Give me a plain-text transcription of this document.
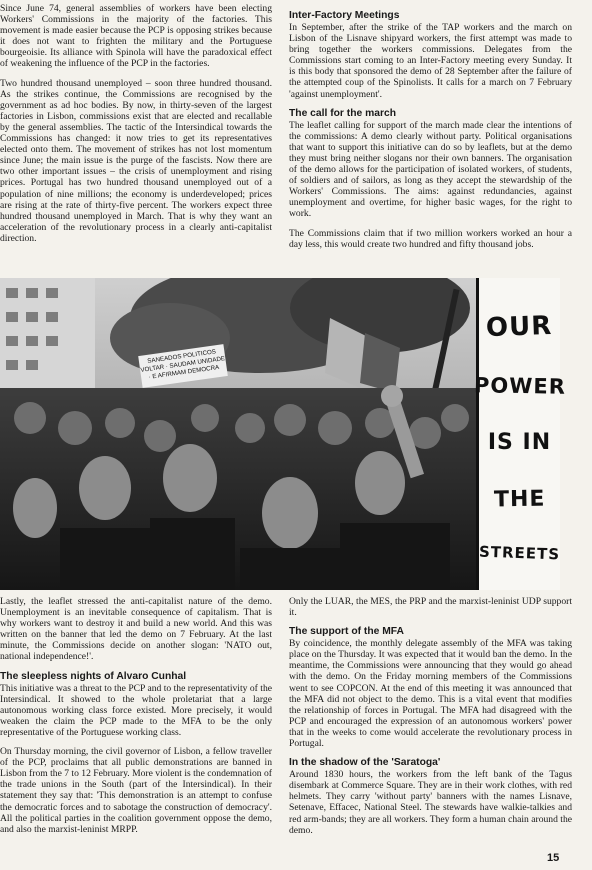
Since June 74, general assemblies of workers have been electing Workers' Commissions in the majority of the factories. This movement is made easier because the PCP is opposing strikes because it does not want to frighten the military and the Portuguese bourgeoisie. Its alliance with Spinola will have the paradoxical effect of weakening the influence of the PCP in the factories.

Two hundred thousand unemployed – soon three hundred thousand. As the strikes continue, the Commissions are recognised by the government as ad hoc bodies. By now, in thirty-seven of the largest factories in Lisbon, commissions exist that are elected and recallable by the general assemblies. The tactic of the Intersindical towards the Commissions has changed: it now tries to get its representatives elected onto them. The movement of strikes has not lost momentum since June; the main issue is the purge of the fascists. Now there are two other important issues – the crisis of unemployment and rising prices. Portugal has two hundred thousand unemployed out of a population of nine millions; the economy is underdeveloped; prices are rising at the rate of thirty-five percent. The workers expect three hundred thousand unemployed in March. That is why they want an acceleration of the revolutionary process in a clearly anti-capitalist direction.

Inter-Factory Meetings

In September, after the strike of the TAP workers and the march on Lisbon of the Lisnave shipyard workers, the first attempt was made to bring together the workers commissions. Delegates from the Commissions start coming to an Inter-Factory meeting every Sunday. It is this body that sponsored the demo of 28 September after the failure of the attempted coup of the Spinolists. It calls for a march on 7 February 'against unemployment'.

The call for the march

The leaflet calling for support of the march made clear the intentions of the commissions: A demo clearly without party. Political organisations that want to support this initiative can do so by leaflets, but at the demo they must bring neither slogans nor their own banners. The organisation of the demo allows for the participation of isolated workers, of students, of soldiers and of sailors, as long as they accept the stewardship of the Workers' Commissions. The aims: against redundancies, against unemployment and overtime, for higher basic wages, for the right to work.

The Commissions claim that if two million workers worked an hour a day less, this would create two hundred and fifty thousand jobs.

SANEADOS POLITICOS VOLTAR · SAUDAM UNIDADE · E AFIRMAM DEMOCRA
OUR
POWER
IS IN
THE
STREETS

Lastly, the leaflet stressed the anti-capitalist nature of the demo. Unemployment is an inevitable consequence of capitalism. That is why workers want to destroy it and build a new world. And this was written on the banner that led the demo on 7 February. At the last minute, the Commissions decide on another slogan: 'NATO out, national independence!'.

The sleepless nights of Alvaro Cunhal

This initiative was a threat to the PCP and to the representativity of the Intersindical. It showed to the whole proletariat that a large autonomous working class force existed. More precisely, it would weaken the claim the PCP made to the MFA to be the only representative of the Portuguese working class.

On Thursday morning, the civil governor of Lisbon, a fellow traveller of the PCP, proclaims that all public demonstrations are banned in Lisbon from the 7 to 12 February. More violent is the condemnation of the trade unions in the South (part of the Intersindical). In their statement they say that: 'This demonstration is an attempt to confuse the democratic forces and to sabotage the construction of democracy'. All the political parties in the coalition government oppose the demo, and also the marxist-leninist MRPP.

Only the LUAR, the MES, the PRP and the marxist-leninist UDP support it.

The support of the MFA

By coincidence, the monthly delegate assembly of the MFA was taking place on the Thursday. It was expected that it would ban the demo. In the meantime, the Commissions were announcing that they would go ahead with the demo. On the Friday morning members of the Commissions went to see COPCON. At the end of this meeting it was announced that the MFA did not object to the demo. This is a vital event that modifies the relationship of forces in Portugal. The MFA had disagreed with the PCP and encouraged the expression of an autonomous workers' power that in the weeks to come would accelerate the revolutionary process in Portugal.

In the shadow of the 'Saratoga'

Around 1830 hours, the workers from the left bank of the Tagus disembark at Commerce Square. They are in their work clothes, with red helmets. They carry 'without party' banners with the names Lisnave, Setenave, Effacec, National Steel. The stewards have walkie-talkies and red arm-bands; they are all workers. They form a human chain around the demo.

15
